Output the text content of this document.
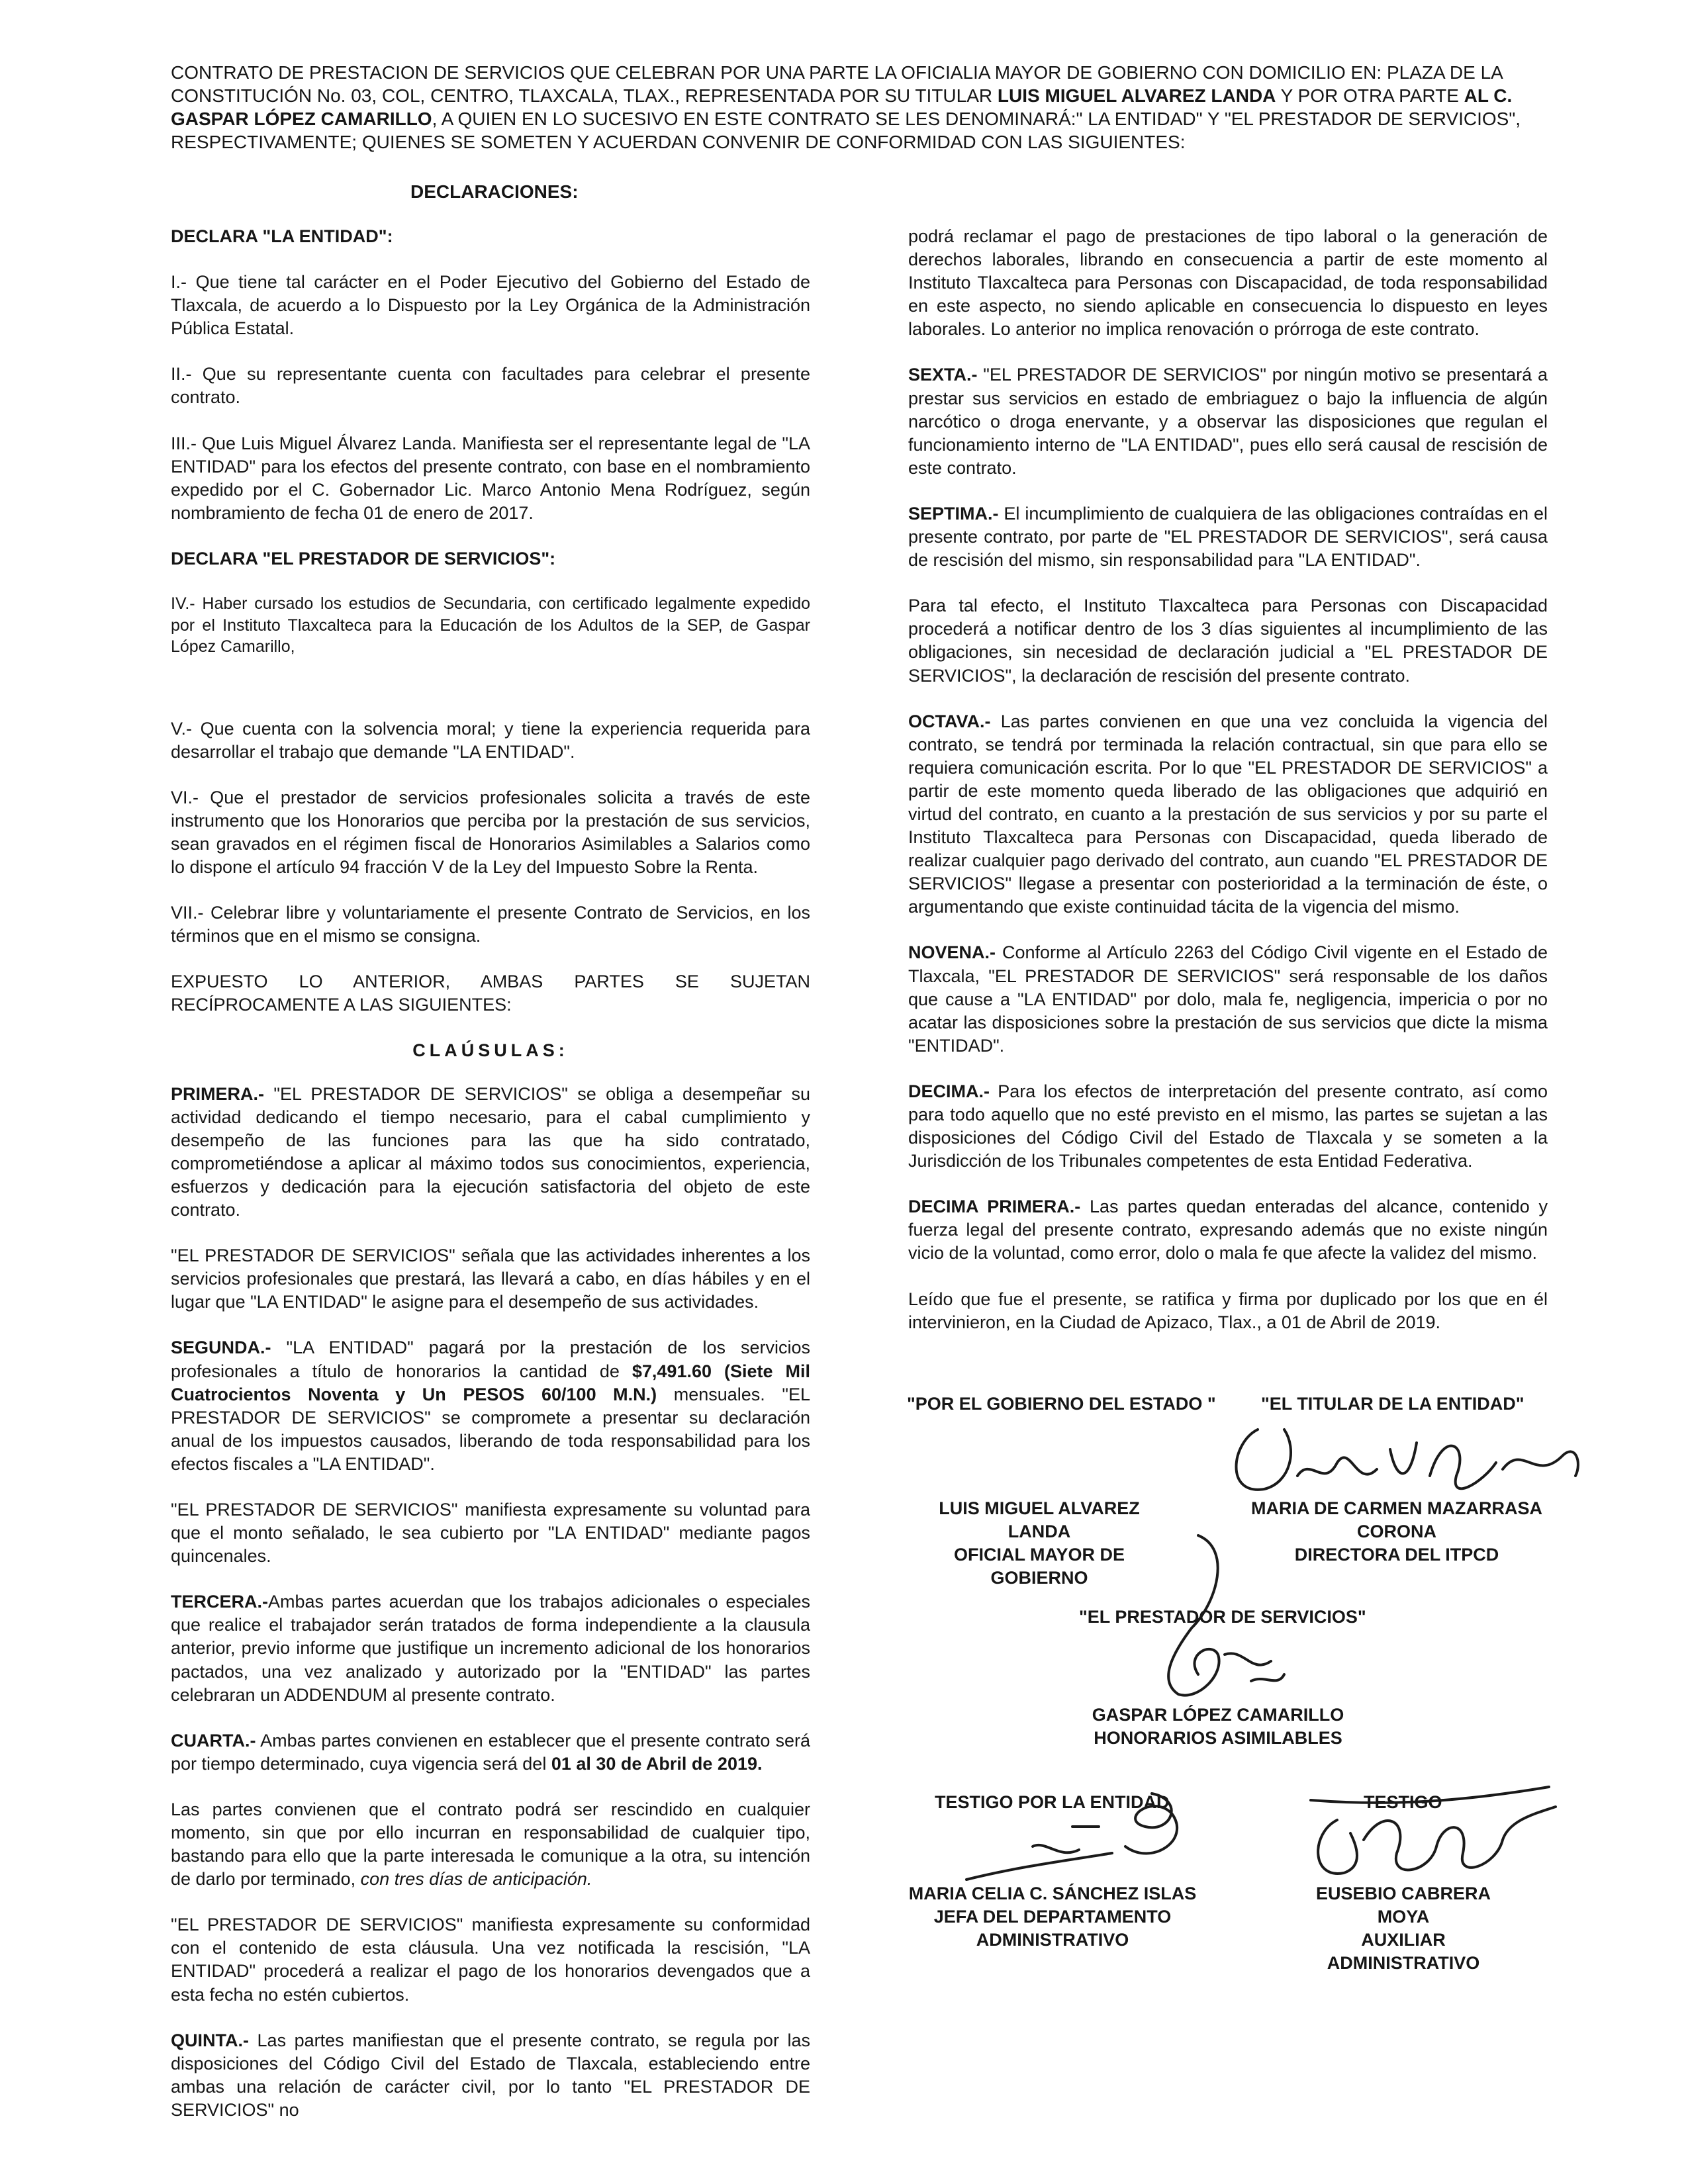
CONTRATO DE PRESTACION DE SERVICIOS QUE CELEBRAN POR UNA PARTE LA OFICIALIA MAYOR DE GOBIERNO CON DOMICILIO EN: PLAZA DE LA CONSTITUCIÓN No. 03, COL, CENTRO, TLAXCALA, TLAX., REPRESENTADA POR SU TITULAR LUIS MIGUEL ALVAREZ LANDA Y POR OTRA PARTE AL C. GASPAR LÓPEZ CAMARILLO, A QUIEN EN LO SUCESIVO EN ESTE CONTRATO SE LES DENOMINARÁ:" LA ENTIDAD" Y "EL PRESTADOR DE SERVICIOS", RESPECTIVAMENTE; QUIENES SE SOMETEN Y ACUERDAN CONVENIR DE CONFORMIDAD CON LAS SIGUIENTES:
DECLARACIONES:
DECLARA "LA ENTIDAD":

I.- Que tiene tal carácter en el Poder Ejecutivo del Gobierno del Estado de Tlaxcala, de acuerdo a lo Dispuesto por la Ley Orgánica de la Administración Pública Estatal.

II.- Que su representante cuenta con facultades para celebrar el presente contrato.

III.- Que Luis Miguel Álvarez Landa. Manifiesta ser el representante legal de "LA ENTIDAD" para los efectos del presente contrato, con base en el nombramiento expedido por el C. Gobernador Lic. Marco Antonio Mena Rodríguez, según nombramiento de fecha 01 de enero de 2017.

DECLARA "EL PRESTADOR DE SERVICIOS":

IV.- Haber cursado los estudios de Secundaria, con certificado legalmente expedido por el Instituto Tlaxcalteca para la Educación de los Adultos de la SEP, de Gaspar López Camarillo,

V.- Que cuenta con la solvencia moral; y tiene la experiencia requerida para desarrollar el trabajo que demande "LA ENTIDAD".

VI.- Que el prestador de servicios profesionales solicita a través de este instrumento que los Honorarios que perciba por la prestación de sus servicios, sean gravados en el régimen fiscal de Honorarios Asimilables a Salarios como lo dispone el artículo 94 fracción V de la Ley del Impuesto Sobre la Renta.

VII.- Celebrar libre y voluntariamente el presente Contrato de Servicios, en los términos que en el mismo se consigna.

EXPUESTO LO ANTERIOR, AMBAS PARTES SE SUJETAN RECÍPROCAMENTE A LAS SIGUIENTES:

CLAÚSULAS:

PRIMERA.- "EL PRESTADOR DE SERVICIOS" se obliga a desempeñar su actividad dedicando el tiempo necesario, para el cabal cumplimiento y desempeño de las funciones para las que ha sido contratado, comprometiéndose a aplicar al máximo todos sus conocimientos, experiencia, esfuerzos y dedicación para la ejecución satisfactoria del objeto de este contrato.

"EL PRESTADOR DE SERVICIOS" señala que las actividades inherentes a los servicios profesionales que prestará, las llevará a cabo, en días hábiles y en el lugar que "LA ENTIDAD" le asigne para el desempeño de sus actividades.

SEGUNDA.- "LA ENTIDAD" pagará por la prestación de los servicios profesionales a título de honorarios la cantidad de $7,491.60 (Siete Mil Cuatrocientos Noventa y Un PESOS 60/100 M.N.) mensuales. "EL PRESTADOR DE SERVICIOS" se compromete a presentar su declaración anual de los impuestos causados, liberando de toda responsabilidad para los efectos fiscales a "LA ENTIDAD".

"EL PRESTADOR DE SERVICIOS" manifiesta expresamente su voluntad para que el monto señalado, le sea cubierto por "LA ENTIDAD" mediante pagos quincenales.

TERCERA.-Ambas partes acuerdan que los trabajos adicionales o especiales que realice el trabajador serán tratados de forma independiente a la clausula anterior, previo informe que justifique un incremento adicional de los honorarios pactados, una vez analizado y autorizado por la "ENTIDAD" las partes celebraran un ADDENDUM al presente contrato.

CUARTA.- Ambas partes convienen en establecer que el presente contrato será por tiempo determinado, cuya vigencia será del 01 al 30 de Abril de 2019.

Las partes convienen que el contrato podrá ser rescindido en cualquier momento, sin que por ello incurran en responsabilidad de cualquier tipo, bastando para ello que la parte interesada le comunique a la otra, su intención de darlo por terminado, con tres días de anticipación.

"EL PRESTADOR DE SERVICIOS" manifiesta expresamente su conformidad con el contenido de esta cláusula. Una vez notificada la rescisión, "LA ENTIDAD" procederá a realizar el pago de los honorarios devengados que a esta fecha no estén cubiertos.

QUINTA.- Las partes manifiestan que el presente contrato, se regula por las disposiciones del Código Civil del Estado de Tlaxcala, estableciendo entre ambas una relación de carácter civil, por lo tanto "EL PRESTADOR DE SERVICIOS" no

podrá reclamar el pago de prestaciones de tipo laboral o la generación de derechos laborales, librando en consecuencia a partir de este momento al Instituto Tlaxcalteca para Personas con Discapacidad, de toda responsabilidad en este aspecto, no siendo aplicable en consecuencia lo dispuesto en leyes laborales. Lo anterior no implica renovación o prórroga de este contrato.

SEXTA.- "EL PRESTADOR DE SERVICIOS" por ningún motivo se presentará a prestar sus servicios en estado de embriaguez o bajo la influencia de algún narcótico o droga enervante, y a observar las disposiciones que regulan el funcionamiento interno de "LA ENTIDAD", pues ello será causal de rescisión de este contrato.

SEPTIMA.- El incumplimiento de cualquiera de las obligaciones contraídas en el presente contrato, por parte de "EL PRESTADOR DE SERVICIOS", será causa de rescisión del mismo, sin responsabilidad para "LA ENTIDAD".

Para tal efecto, el Instituto Tlaxcalteca para Personas con Discapacidad procederá a notificar dentro de los 3 días siguientes al incumplimiento de las obligaciones, sin necesidad de declaración judicial a "EL PRESTADOR DE SERVICIOS", la declaración de rescisión del presente contrato.

OCTAVA.- Las partes convienen en que una vez concluida la vigencia del contrato, se tendrá por terminada la relación contractual, sin que para ello se requiera comunicación escrita. Por lo que "EL PRESTADOR DE SERVICIOS" a partir de este momento queda liberado de las obligaciones que adquirió en virtud del contrato, en cuanto a la prestación de sus servicios y por su parte el Instituto Tlaxcalteca para Personas con Discapacidad, queda liberado de realizar cualquier pago derivado del contrato, aun cuando "EL PRESTADOR DE SERVICIOS" llegase a presentar con posterioridad a la terminación de éste, o argumentando que existe continuidad tácita de la vigencia del mismo.

NOVENA.- Conforme al Artículo 2263 del Código Civil vigente en el Estado de Tlaxcala, "EL PRESTADOR DE SERVICIOS" será responsable de los daños que cause a "LA ENTIDAD" por dolo, mala fe, negligencia, impericia o por no acatar las disposiciones sobre la prestación de sus servicios que dicte la misma "ENTIDAD".

DECIMA.- Para los efectos de interpretación del presente contrato, así como para todo aquello que no esté previsto en el mismo, las partes se sujetan a las disposiciones del Código Civil del Estado de Tlaxcala y se someten a la Jurisdicción de los Tribunales competentes de esta Entidad Federativa.

DECIMA PRIMERA.- Las partes quedan enteradas del alcance, contenido y fuerza legal del presente contrato, expresando además que no existe ningún vicio de la voluntad, como error, dolo o mala fe que afecte la validez del mismo.

Leído que fue el presente, se ratifica y firma por duplicado por los que en él intervinieron, en la Ciudad de Apizaco, Tlax., a 01 de Abril de 2019.

"POR EL GOBIERNO DEL ESTADO "	"EL TITULAR DE LA ENTIDAD"
LUIS MIGUEL ALVAREZ LANDA
OFICIAL MAYOR DE GOBIERNO
MARIA DE CARMEN MAZARRASA
CORONA
DIRECTORA DEL ITPCD
"EL PRESTADOR DE SERVICIOS"
GASPAR LÓPEZ CAMARILLO
HONORARIOS ASIMILABLES
TESTIGO POR LA ENTIDAD	TESTIGO
MARIA CELIA C. SÁNCHEZ ISLAS
JEFA DEL DEPARTAMENTO
ADMINISTRATIVO
EUSEBIO CABRERA MOYA
AUXILIAR ADMINISTRATIVO
